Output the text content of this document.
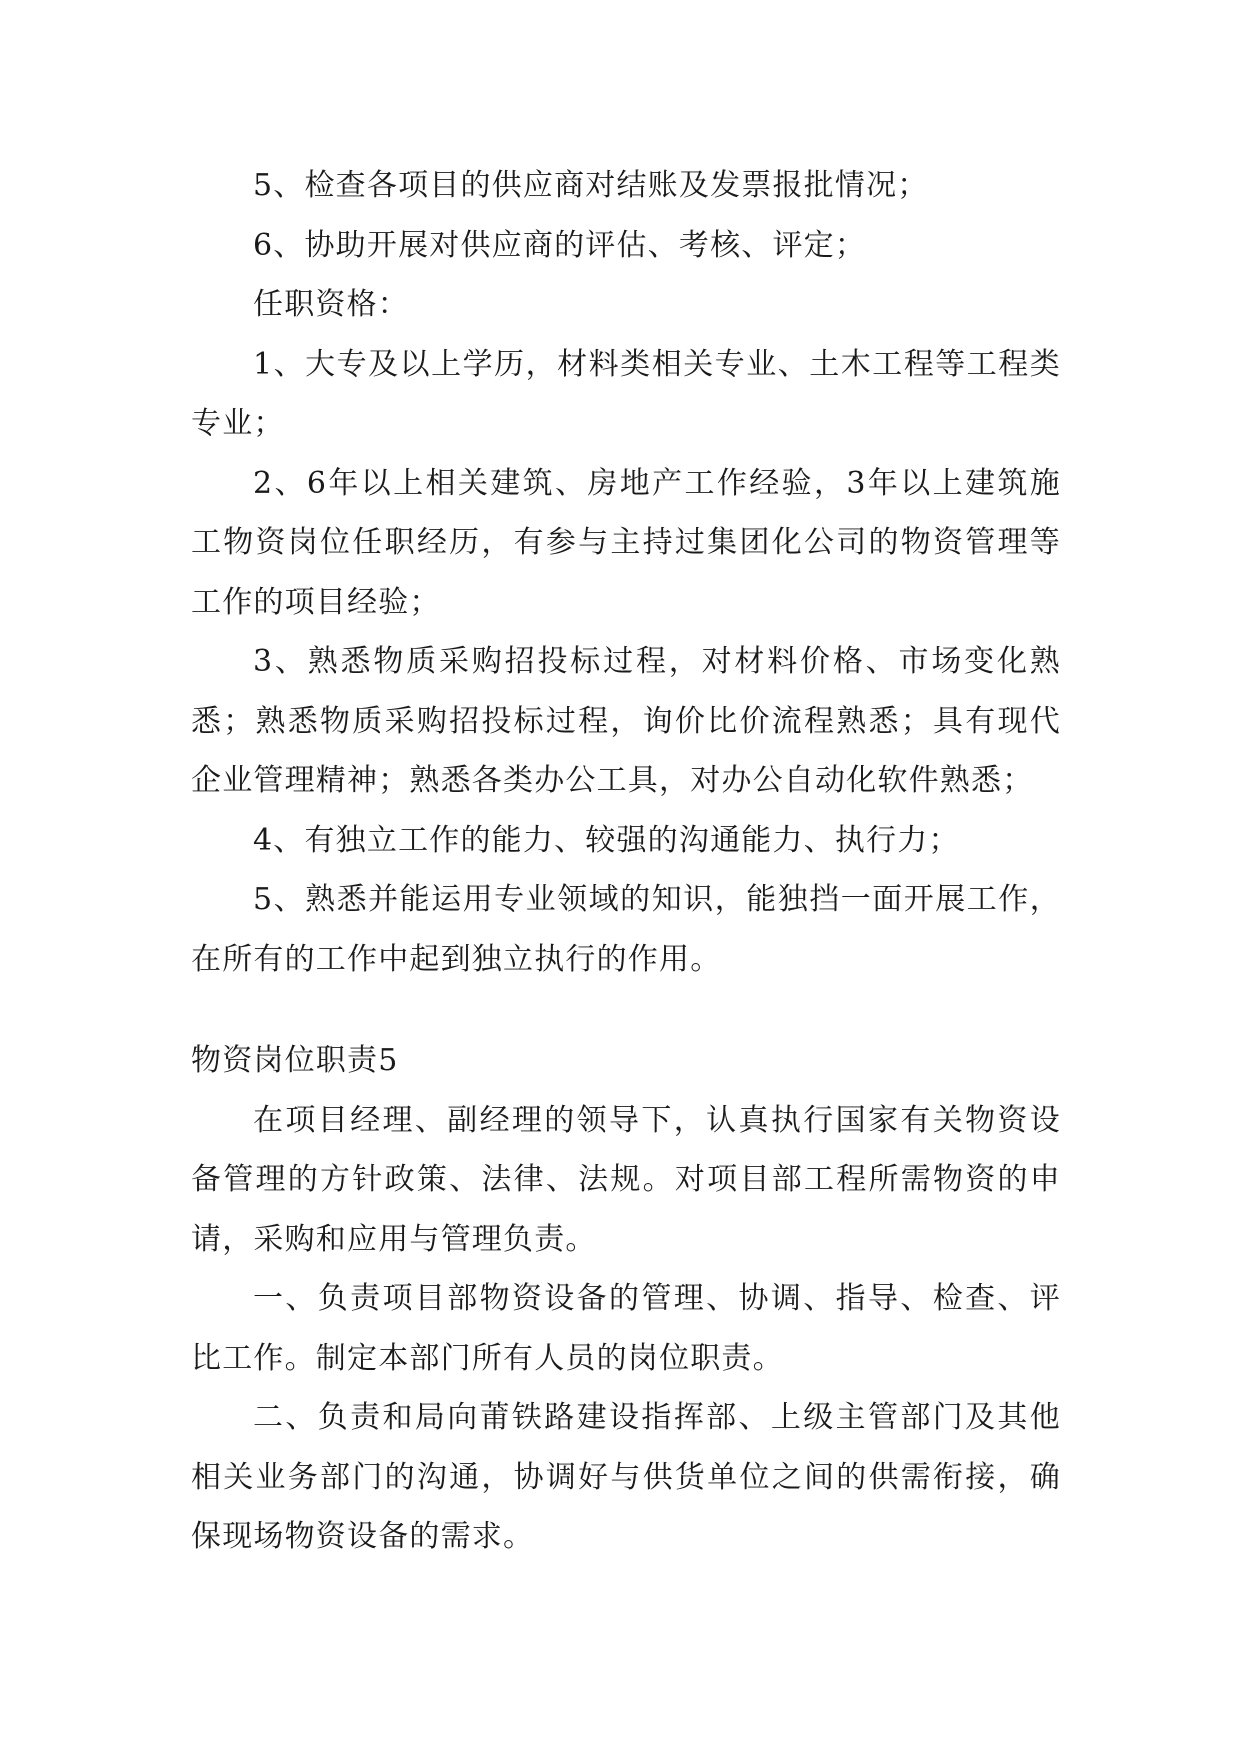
5、检查各项目的供应商对结账及发票报批情况；

6、协助开展对供应商的评估、考核、评定；

任职资格：

1、大专及以上学历，材料类相关专业、土木工程等工程类专业；

2、6年以上相关建筑、房地产工作经验，3年以上建筑施工物资岗位任职经历，有参与主持过集团化公司的物资管理等工作的项目经验；

3、熟悉物质采购招投标过程，对材料价格、市场变化熟悉；熟悉物质采购招投标过程，询价比价流程熟悉；具有现代企业管理精神；熟悉各类办公工具，对办公自动化软件熟悉；

4、有独立工作的能力、较强的沟通能力、执行力；

5、熟悉并能运用专业领域的知识，能独挡一面开展工作，在所有的工作中起到独立执行的作用。

物资岗位职责5

在项目经理、副经理的领导下，认真执行国家有关物资设备管理的方针政策、法律、法规。对项目部工程所需物资的申请，采购和应用与管理负责。

一、负责项目部物资设备的管理、协调、指导、检查、评比工作。制定本部门所有人员的岗位职责。

二、负责和局向莆铁路建设指挥部、上级主管部门及其他相关业务部门的沟通，协调好与供货单位之间的供需衔接，确保现场物资设备的需求。
